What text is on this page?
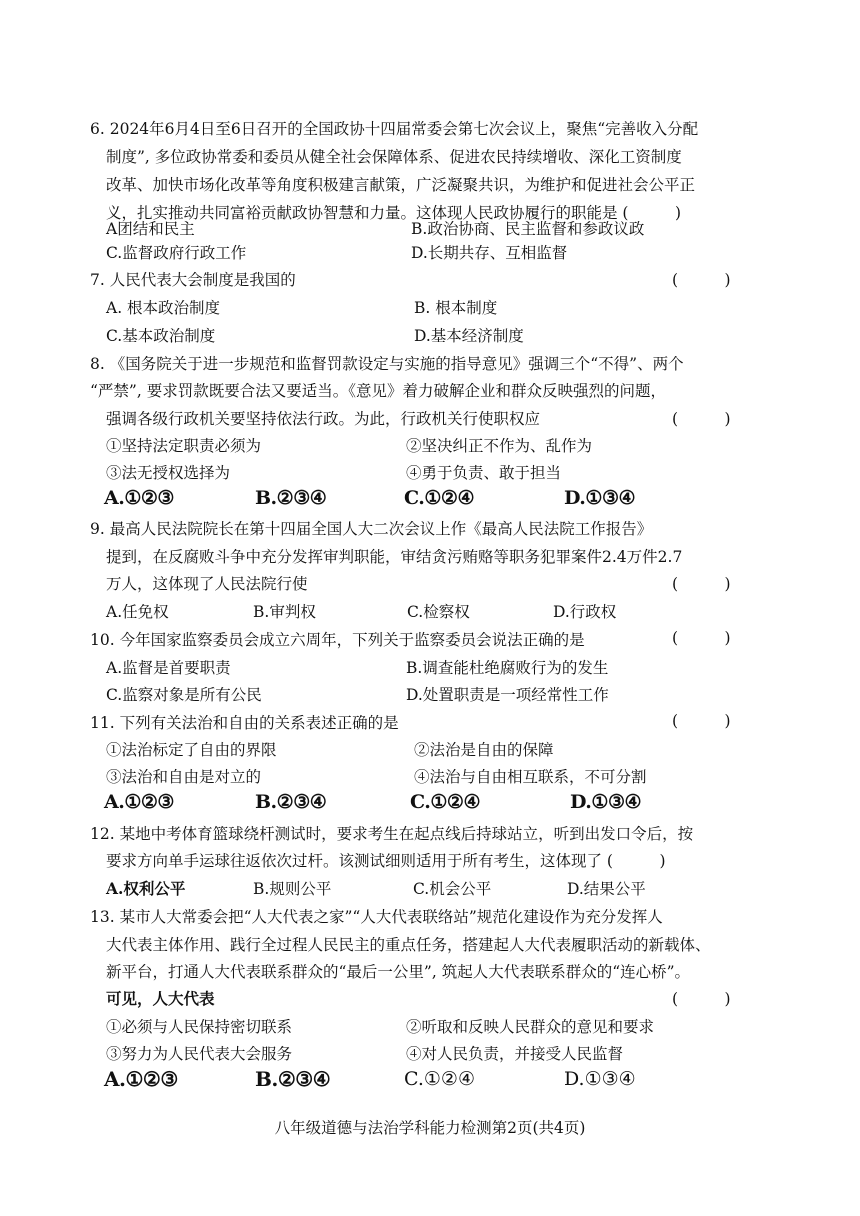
6. 2024年6月4日至6日召开的全国政协十四届常委会第七次会议上，聚焦“完善收入分配
制度”, 多位政协常委和委员从健全社会保障体系、促进农民持续增收、深化工资制度
改革、加快市场化改革等角度积极建言献策，广泛凝聚共识，为维护和促进社会公平正
义，扎实推动共同富裕贡献政协智慧和力量。这体现人民政协履行的职能是 (　　　)
A团结和民主	B.政治协商、民主监督和参政议政
C.监督政府行政工作	D.长期共存、互相监督
7. 人民代表大会制度是我国的	(　　　)
A. 根本政治制度	B. 根本制度
C.基本政治制度	D.基本经济制度
8. 《国务院关于进一步规范和监督罚款设定与实施的指导意见》强调三个“不得”、两个
“严禁”, 要求罚款既要合法又要适当。《意见》着力破解企业和群众反映强烈的问题，
强调各级行政机关要坚持依法行政。为此，行政机关行使职权应	(　　　)
①坚持法定职责必须为	②坚决纠正不作为、乱作为
③法无授权选择为	④勇于负责、敢于担当
A.①②③	B.②③④	C.①②④	D.①③④
9. 最高人民法院院长在第十四届全国人大二次会议上作《最高人民法院工作报告》
提到，在反腐败斗争中充分发挥审判职能，审结贪污贿赂等职务犯罪案件2.4万件2.7
万人，这体现了人民法院行使	(　　　)
A.任免权	B.审判权	C.检察权	D.行政权
10. 今年国家监察委员会成立六周年，下列关于监察委员会说法正确的是	(　　　)
A.监督是首要职责	B.调查能杜绝腐败行为的发生
C.监察对象是所有公民	D.处置职责是一项经常性工作
11. 下列有关法治和自由的关系表述正确的是	(　　　)
①法治标定了自由的界限	②法治是自由的保障
③法治和自由是对立的	④法治与自由相互联系，不可分割
A.①②③	B.②③④	C.①②④	D.①③④
12. 某地中考体育篮球绕杆测试时，要求考生在起点线后持球站立，听到出发口令后，按
要求方向单手运球往返依次过杆。该测试细则适用于所有考生，这体现了 (　　　)
A.权利公平	B.规则公平	C.机会公平	D.结果公平
13. 某市人大常委会把“人大代表之家”“人大代表联络站”规范化建设作为充分发挥人
大代表主体作用、践行全过程人民民主的重点任务，搭建起人大代表履职活动的新载体、
新平台，打通人大代表联系群众的“最后一公里”, 筑起人大代表联系群众的“连心桥”。
可见，人大代表	(　　　)
①必须与人民保持密切联系	②听取和反映人民群众的意见和要求
③努力为人民代表大会服务	④对人民负责，并接受人民监督
A.①②③	B.②③④	C.①②④	D.①③④
八年级道德与法治学科能力检测第2页(共4页)
